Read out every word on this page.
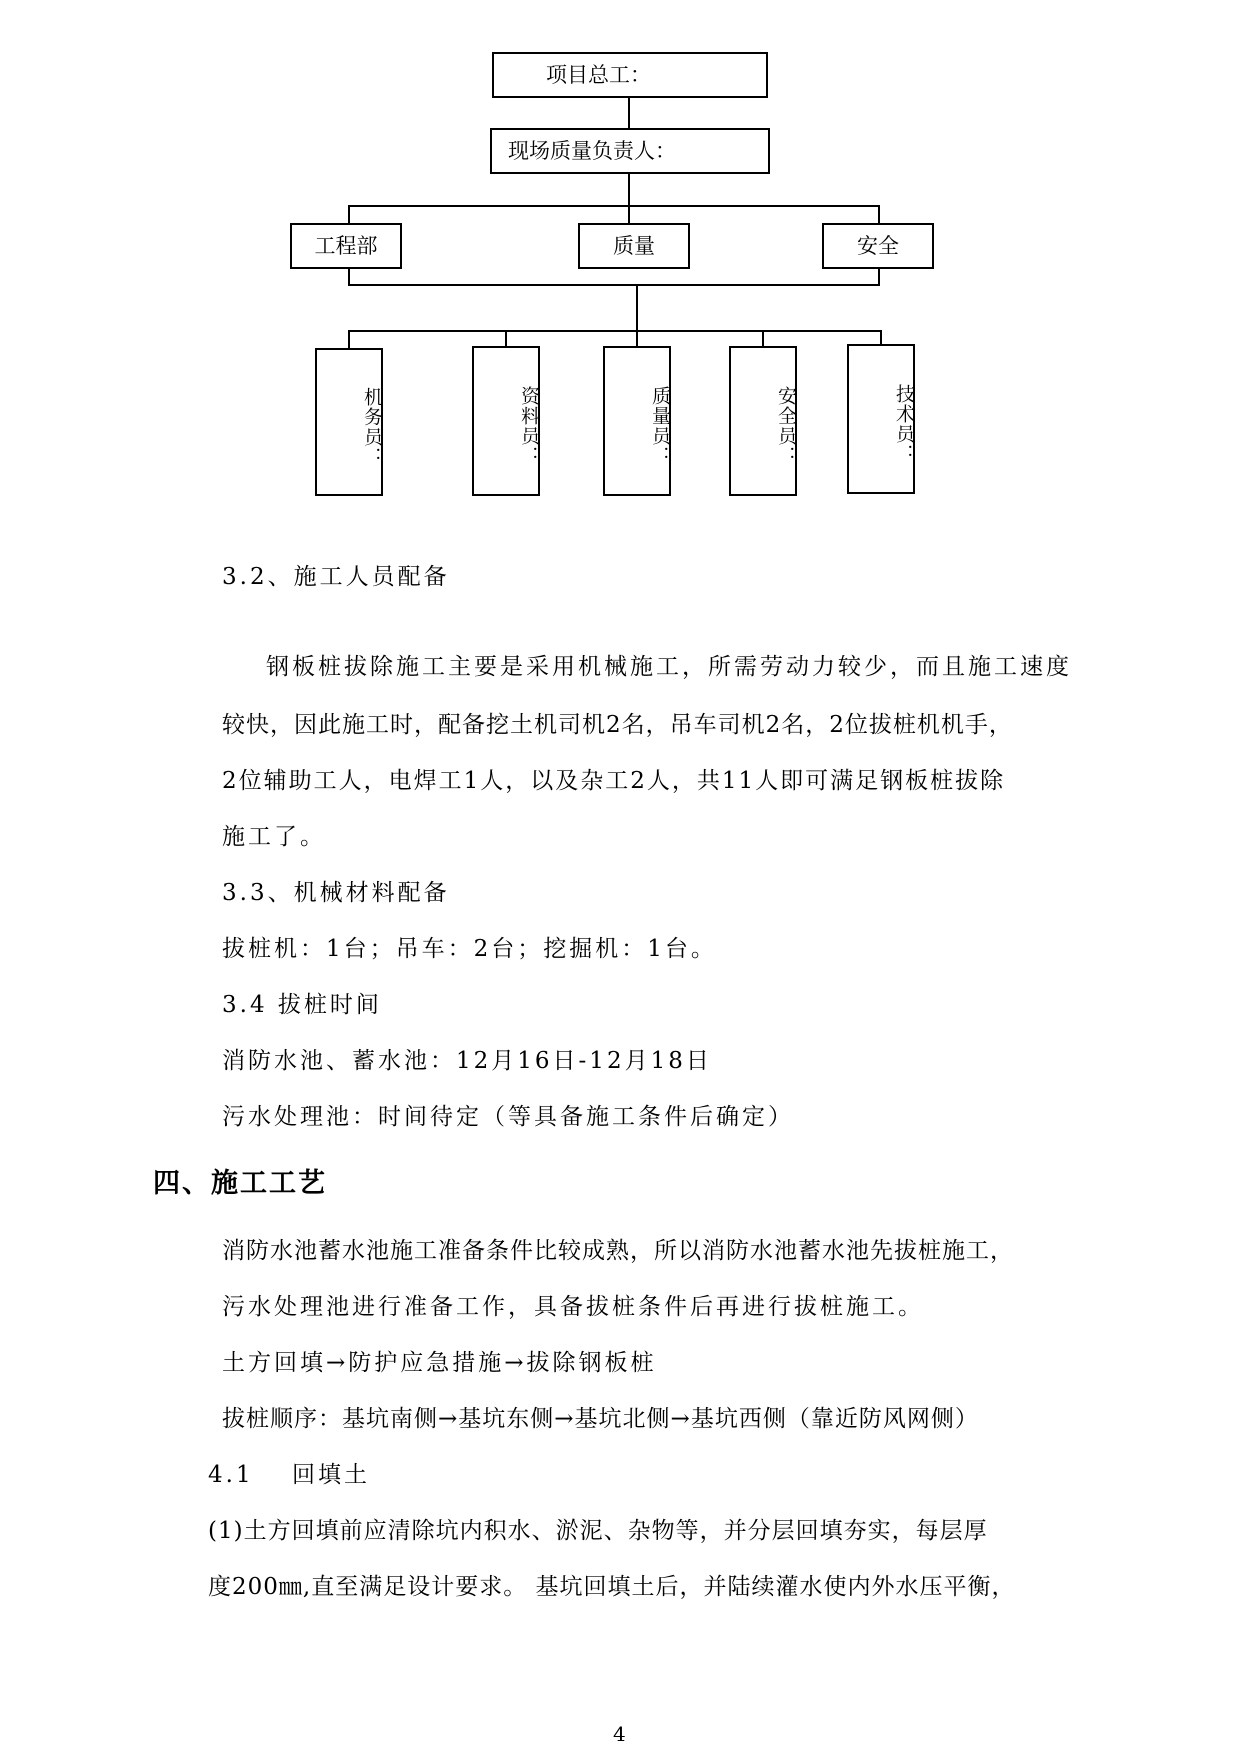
项目总工：
现场质量负责人：
工程部	质量	安全
机务员：	资料员：	质量员：	安全员：	技术员：
3.2、施工人员配备
钢板桩拔除施工主要是采用机械施工，所需劳动力较少，而且施工速度
较快，因此施工时，配备挖土机司机2名，吊车司机2名，2位拔桩机机手，
2位辅助工人，电焊工1人，以及杂工2人，共11人即可满足钢板桩拔除
施工了。
3.3、机械材料配备
拔桩机：1台；吊车：2台；挖掘机：1台。
3.4 拔桩时间
消防水池、蓄水池：12月16日-12月18日
污水处理池：时间待定（等具备施工条件后确定）
四、施工工艺
消防水池蓄水池施工准备条件比较成熟，所以消防水池蓄水池先拔桩施工，
污水处理池进行准备工作，具备拔桩条件后再进行拔桩施工。
土方回填→防护应急措施→拔除钢板桩
拔桩顺序：基坑南侧→基坑东侧→基坑北侧→基坑西侧（靠近防风网侧）
4.1 回填土
(1)土方回填前应清除坑内积水、淤泥、杂物等，并分层回填夯实，每层厚
度200㎜,直至满足设计要求。 基坑回填土后，并陆续灌水使内外水压平衡，
4
